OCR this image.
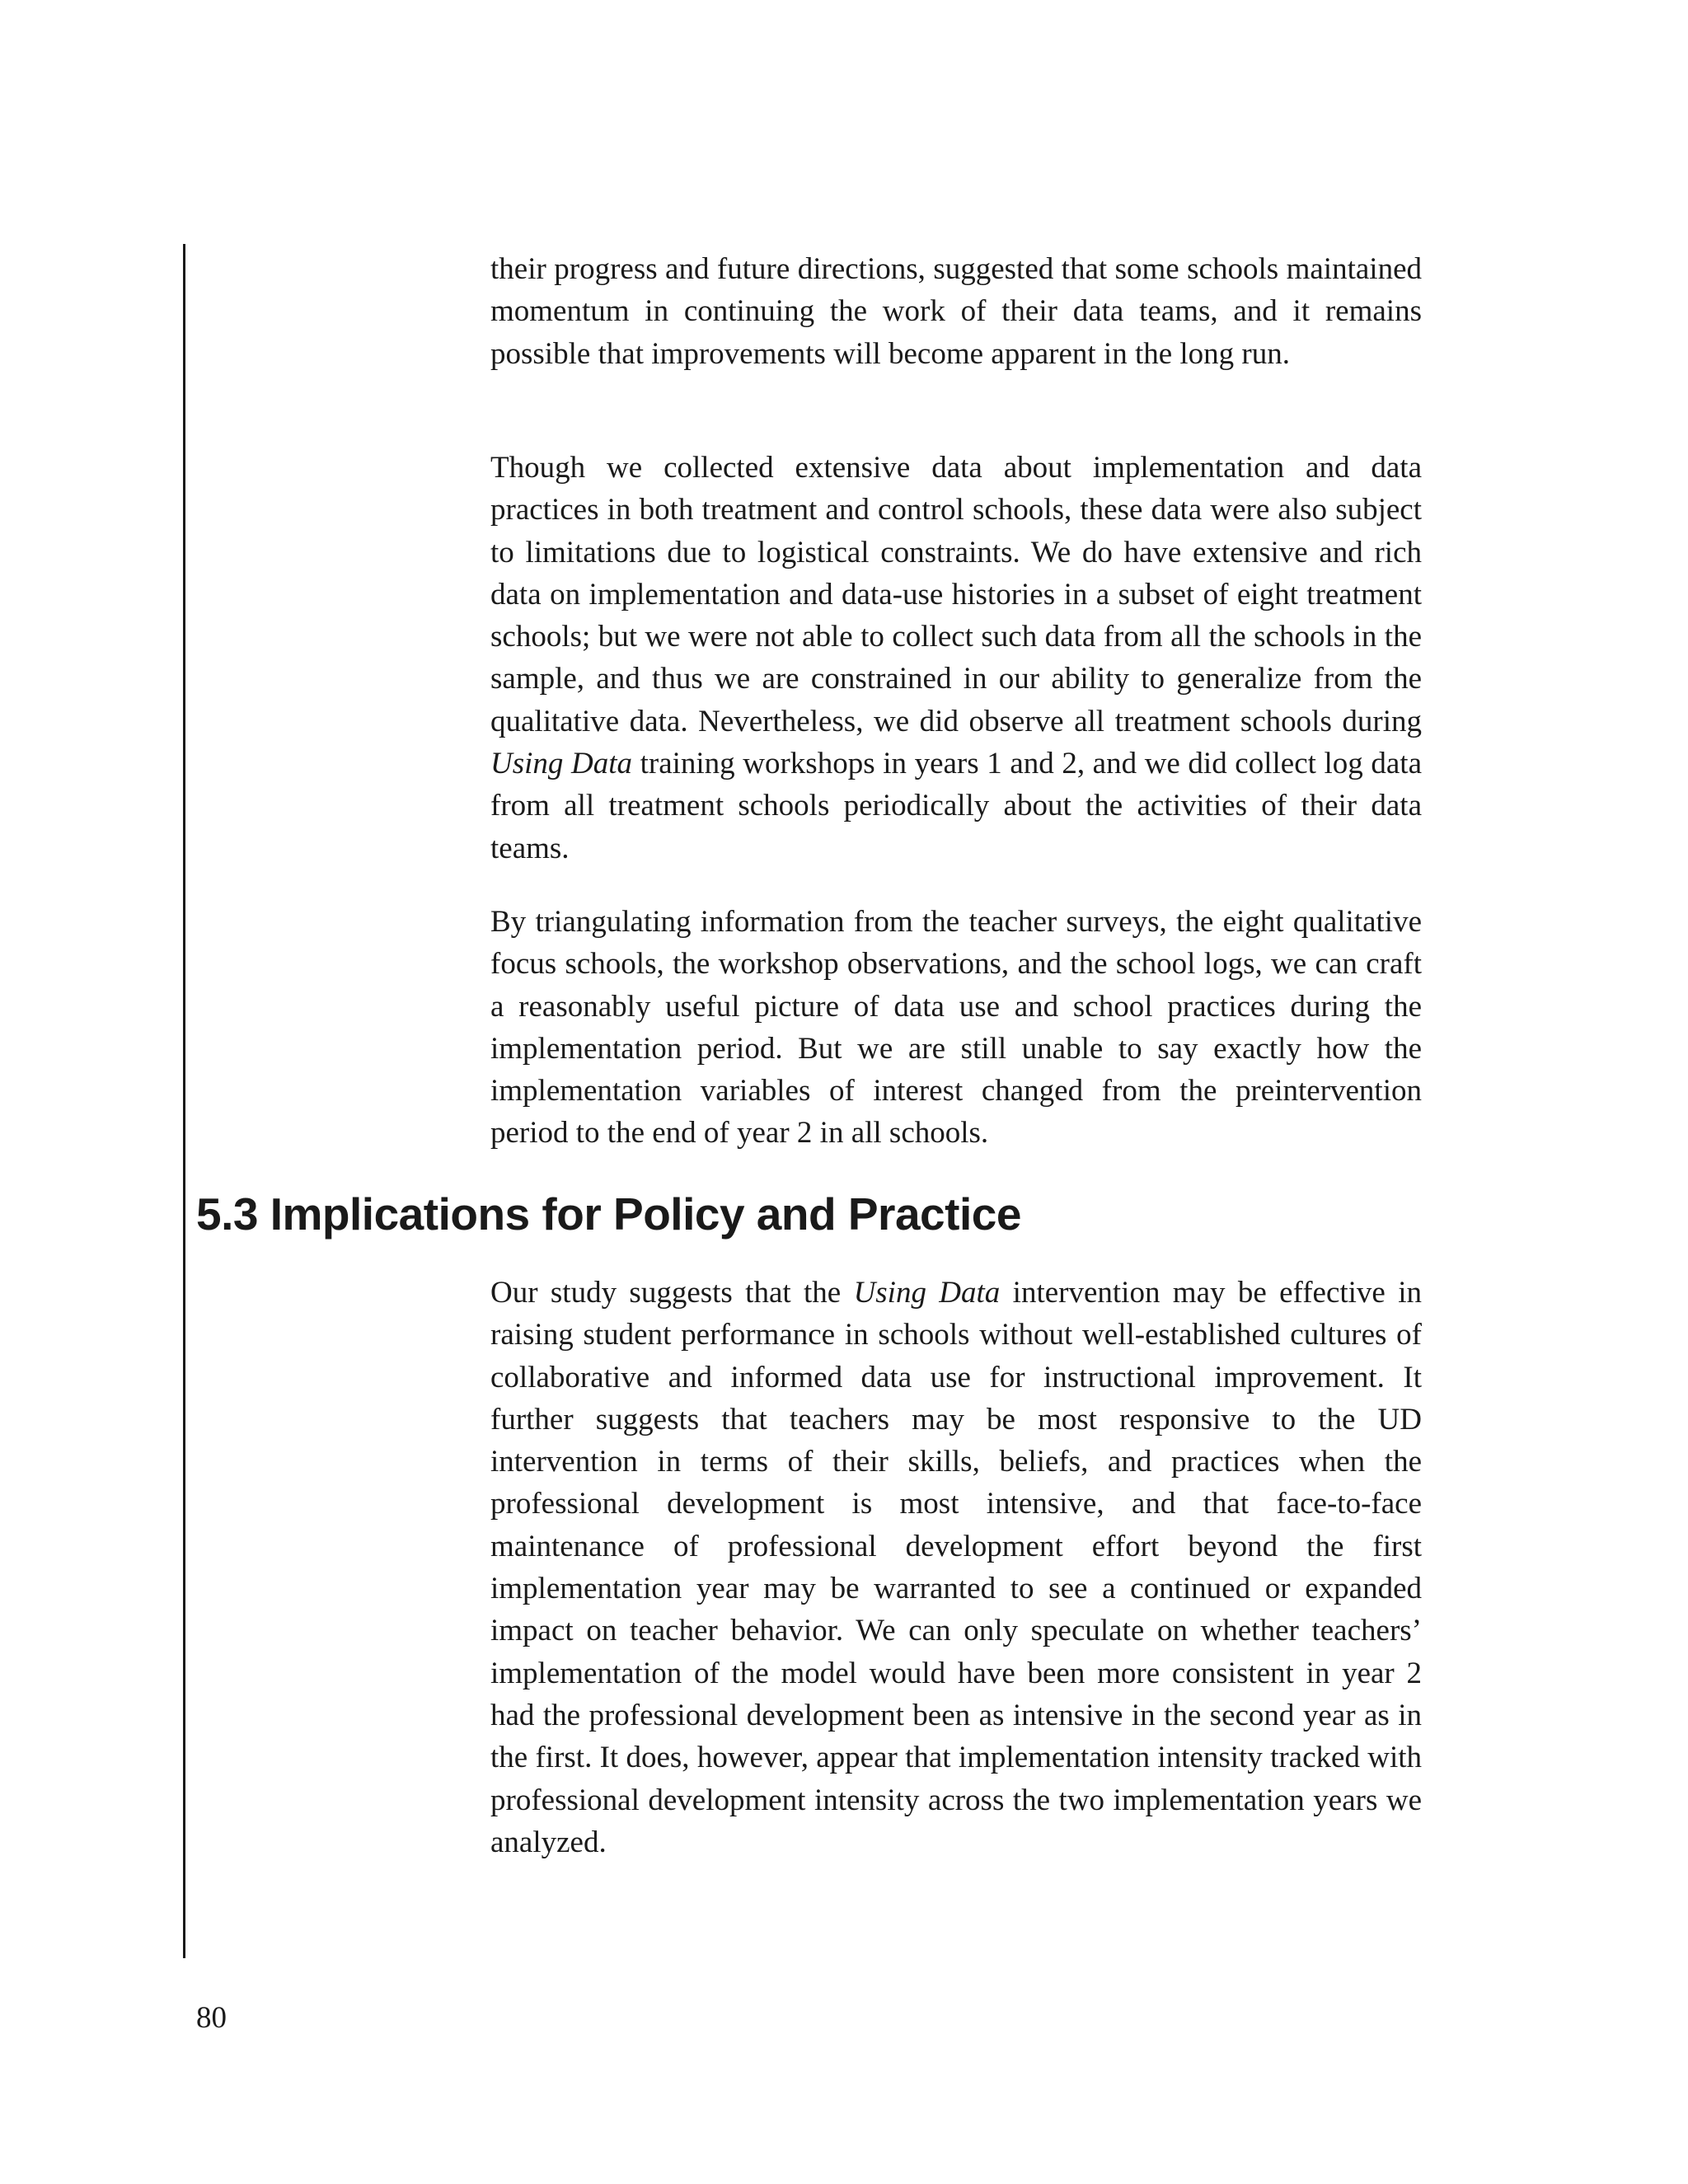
their progress and future directions, suggested that some schools maintained momentum in continuing the work of their data teams, and it remains possible that improvements will become apparent in the long run.

Though we collected extensive data about implementation and data practices in both treatment and control schools, these data were also subject to limitations due to logistical constraints. We do have extensive and rich data on implementation and data-use histories in a subset of eight treatment schools; but we were not able to collect such data from all the schools in the sample, and thus we are constrained in our ability to generalize from the qualitative data. Nevertheless, we did observe all treatment schools during Using Data training workshops in years 1 and 2, and we did collect log data from all treatment schools periodically about the activities of their data teams.

By triangulating information from the teacher surveys, the eight qualitative focus schools, the workshop observations, and the school logs, we can craft a reasonably useful picture of data use and school practices during the implementation period. But we are still unable to say exactly how the implementation variables of interest changed from the preintervention period to the end of year 2 in all schools.

5.3 Implications for Policy and Practice

Our study suggests that the Using Data intervention may be effective in raising student performance in schools without well-established cultures of collaborative and informed data use for instructional improvement. It further suggests that teachers may be most responsive to the UD intervention in terms of their skills, beliefs, and practices when the professional development is most intensive, and that face-to-face maintenance of professional development effort beyond the first implementation year may be warranted to see a continued or expanded impact on teacher behavior. We can only speculate on whether teachers’ implementation of the model would have been more consistent in year 2 had the professional development been as intensive in the second year as in the first. It does, however, appear that implementation intensity tracked with professional development intensity across the two implementation years we analyzed.

80
